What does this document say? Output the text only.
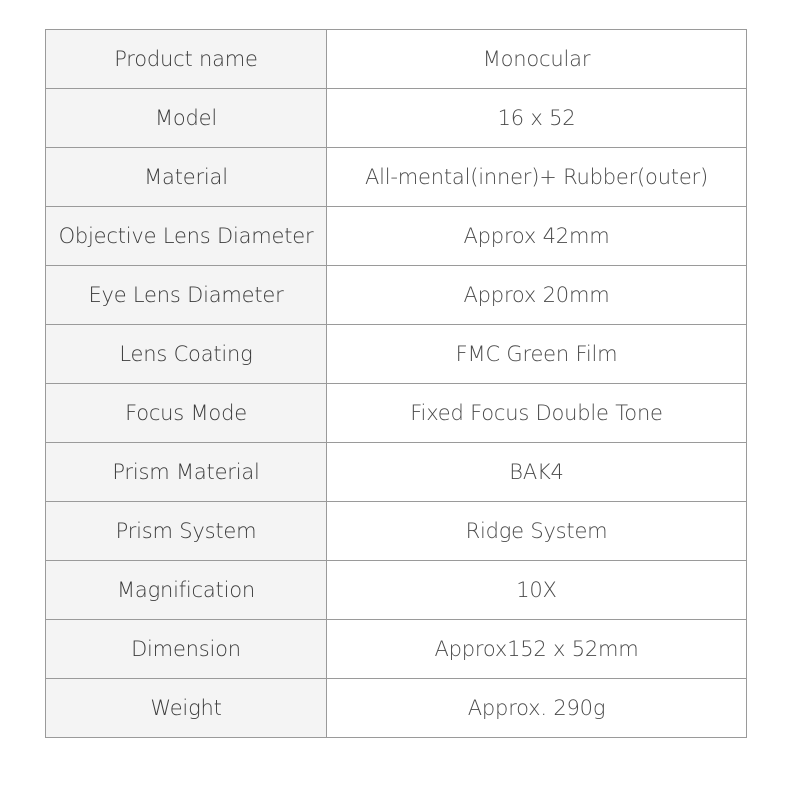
Product name	Monocular
Model	16 x 52
Material	All-mental(inner)+ Rubber(outer)
Objective Lens Diameter	Approx 42mm
Eye Lens Diameter	Approx 20mm
Lens Coating	FMC Green Film
Focus Mode	Fixed Focus Double Tone
Prism Material	BAK4
Prism System	Ridge System
Magnification	10X
Dimension	Approx152 x 52mm
Weight	Approx. 290g
